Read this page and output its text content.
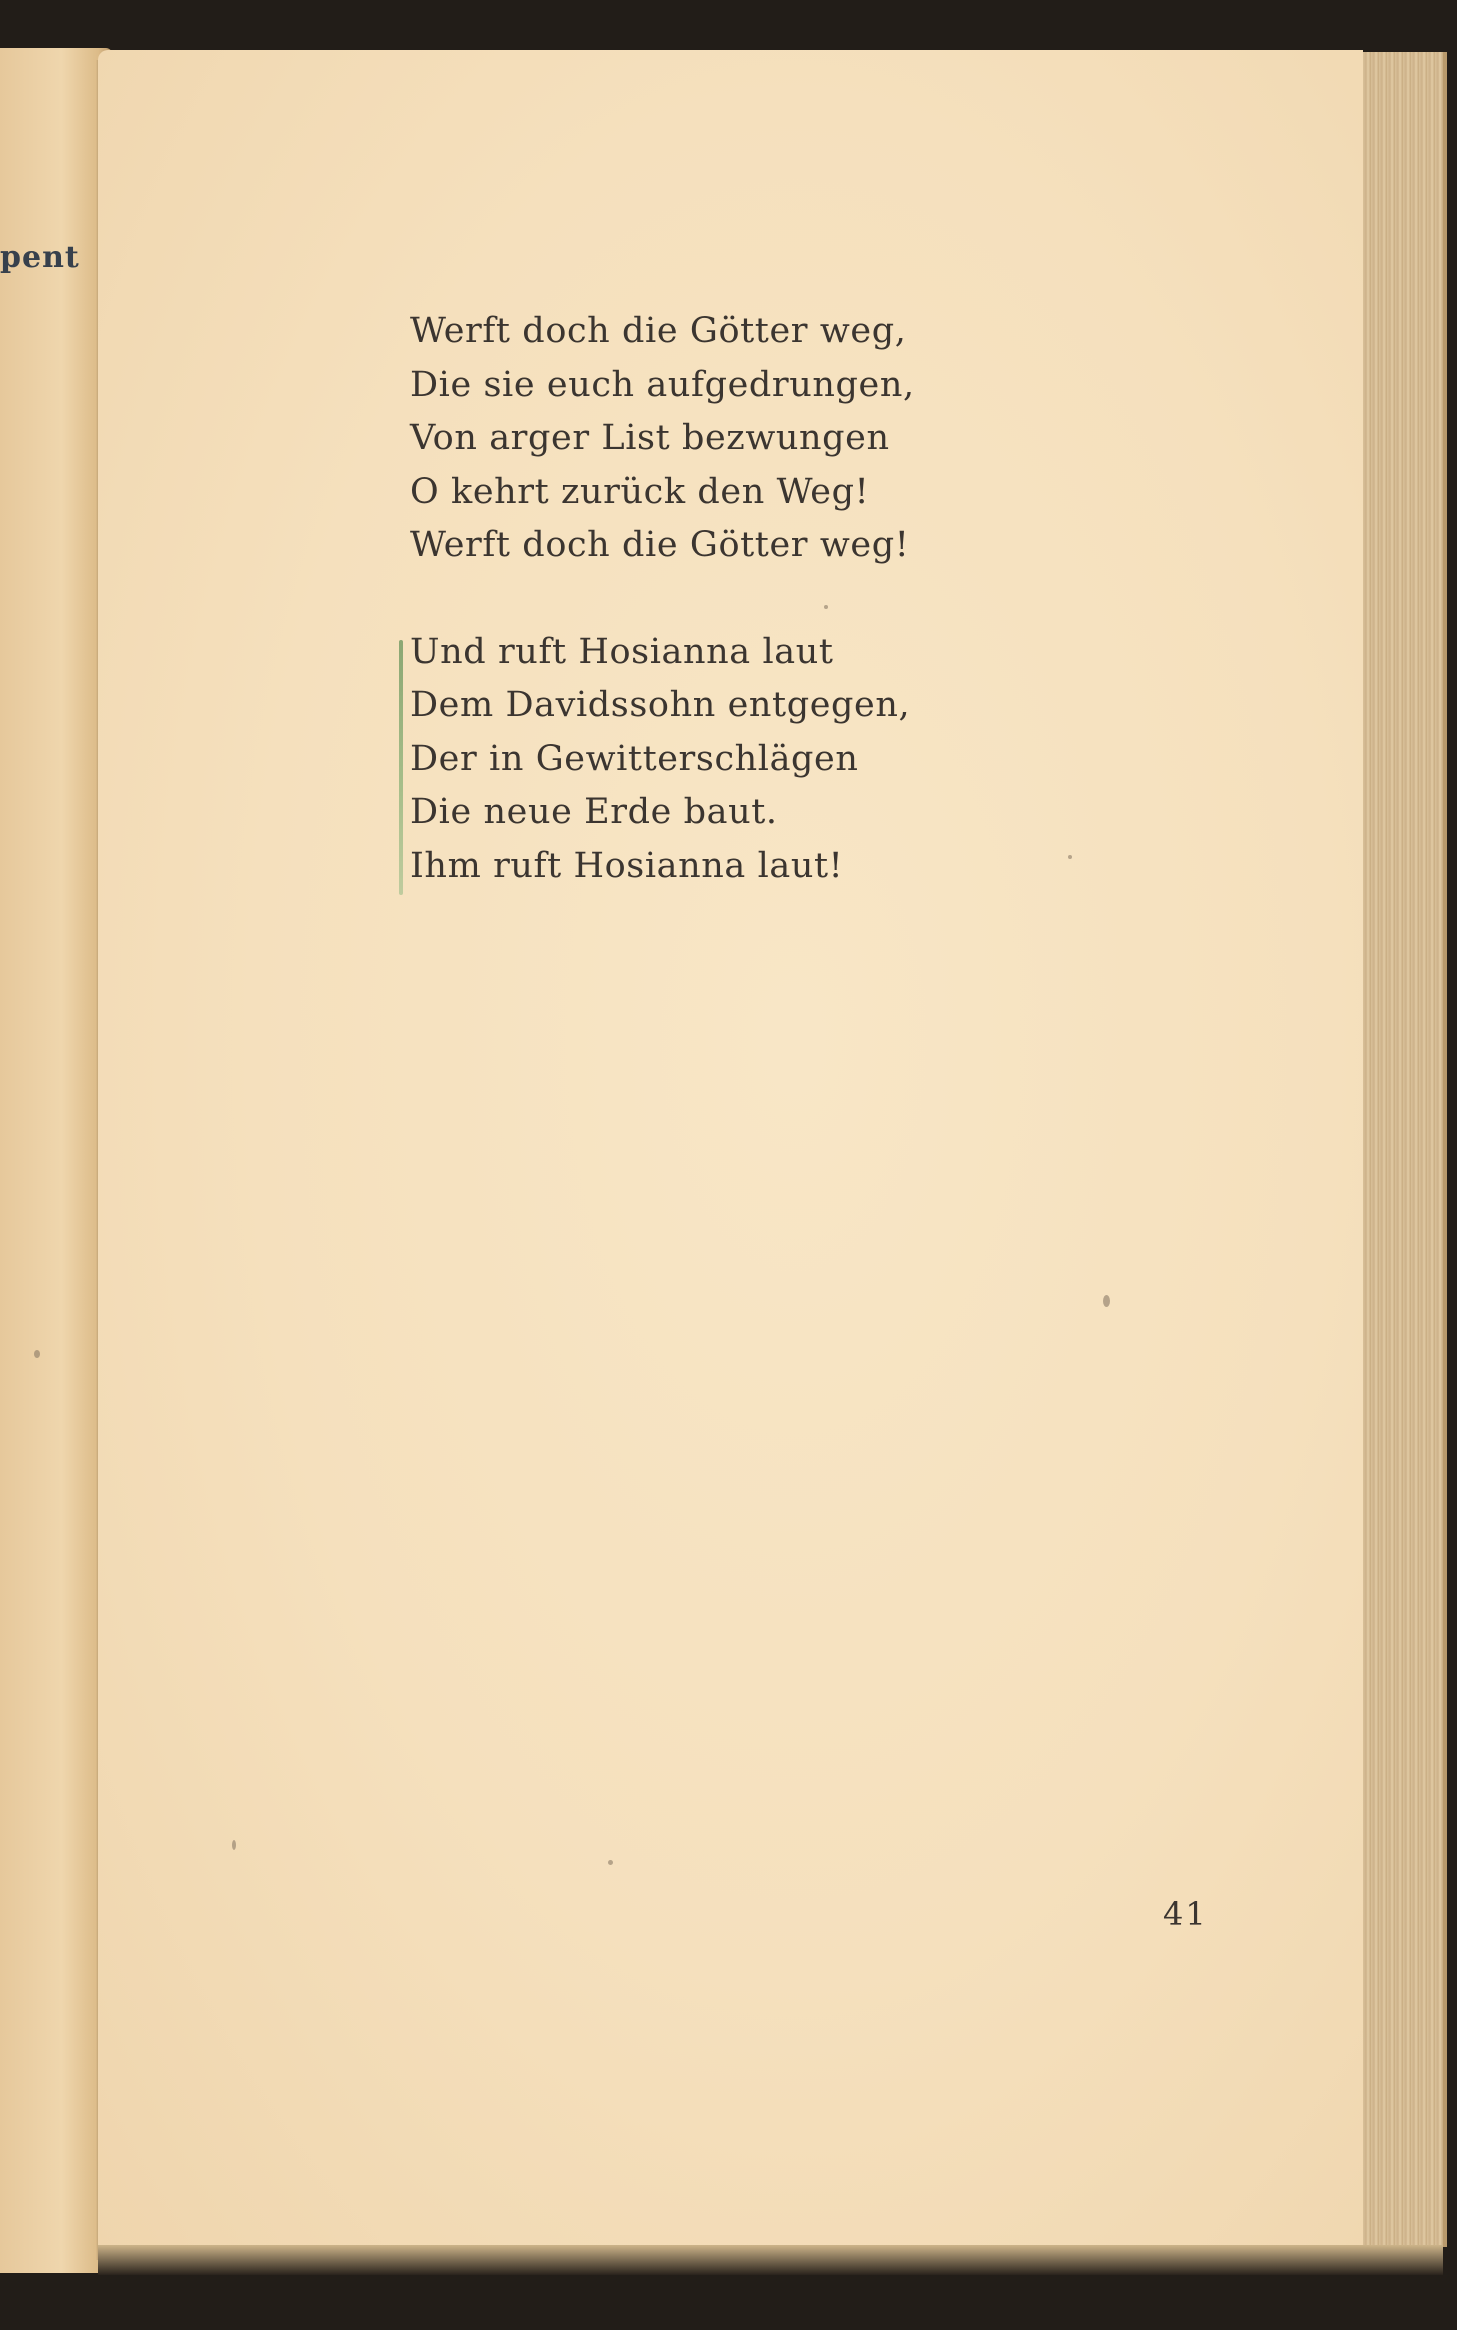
pent
Werft doch die Götter weg,
Die sie euch aufgedrungen,
Von arger List bezwungen
O kehrt zurück den Weg!
Werft doch die Götter weg!
Und ruft Hosianna laut
Dem Davidssohn entgegen,
Der in Gewitterschlägen
Die neue Erde baut.
Ihm ruft Hosianna laut!
41
